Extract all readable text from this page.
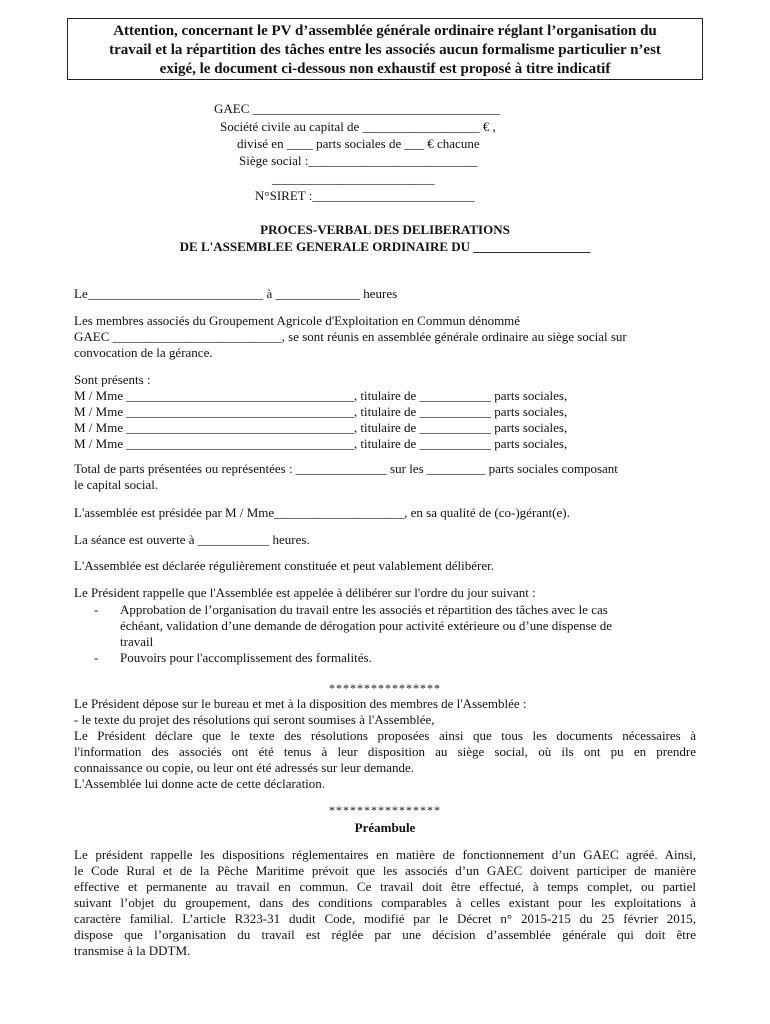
Attention, concernant le PV d’assemblée générale ordinaire réglant l’organisation du
travail et la répartition des tâches entre les associés aucun formalisme particulier n’est
exigé, le document ci-dessous non exhaustif est proposé à titre indicatif
GAEC ______________________________________
Société civile au capital de __________________ € ,
divisé en ____ parts sociales de ___ € chacune
Siège social :__________________________
_________________________
N°SIRET :_________________________
PROCES-VERBAL DES DELIBERATIONS
DE L'ASSEMBLEE GENERALE ORDINAIRE DU __________________
Le___________________________ à _____________ heures
Les membres associés du Groupement Agricole d'Exploitation en Commun dénommé
GAEC __________________________, se sont réunis en assemblée générale ordinaire au siège social sur
convocation de la gérance.
Sont présents :
M / Mme ___________________________________, titulaire de ___________ parts sociales,
M / Mme ___________________________________, titulaire de ___________ parts sociales,
M / Mme ___________________________________, titulaire de ___________ parts sociales,
M / Mme ___________________________________, titulaire de ___________ parts sociales,
Total de parts présentées ou représentées : ______________ sur les _________ parts sociales composant
le capital social.
L'assemblée est présidée par M / Mme____________________, en sa qualité de (co-)gérant(e).
La séance est ouverte à ___________ heures.
L'Assemblée est déclarée régulièrement constituée et peut valablement délibérer.
Le Président rappelle que l'Assemblée est appelée à délibérer sur l'ordre du jour suivant :
- Approbation de l’organisation du travail entre les associés et répartition des tâches avec le cas
échéant, validation d’une demande de dérogation pour activité extérieure ou d’une dispense de
travail
- Pouvoirs pour l'accomplissement des formalités.
****************
Le Président dépose sur le bureau et met à la disposition des membres de l'Assemblée :
- le texte du projet des résolutions qui seront soumises à l'Assemblée,
Le Président déclare que le texte des résolutions proposées ainsi que tous les documents nécessaires à
l'information des associés ont été tenus à leur disposition au siège social, où ils ont pu en prendre
connaissance ou copie, ou leur ont été adressés sur leur demande.
L'Assemblée lui donne acte de cette déclaration.
****************
Préambule
Le président rappelle les dispositions réglementaires en matière de fonctionnement d’un GAEC agréé. Ainsi,
le Code Rural et de la Pêche Maritime prévoit que les associés d’un GAEC doivent participer de manière
effective et permanente au travail en commun. Ce travail doit être effectué, à temps complet, ou partiel
suivant l’objet du groupement, dans des conditions comparables à celles existant pour les exploitations à
caractère familial. L’article R323-31 dudit Code, modifié par le Décret n° 2015-215 du 25 février 2015,
dispose que l’organisation du travail est réglée par une décision d’assemblée générale qui doit être
transmise à la DDTM.
